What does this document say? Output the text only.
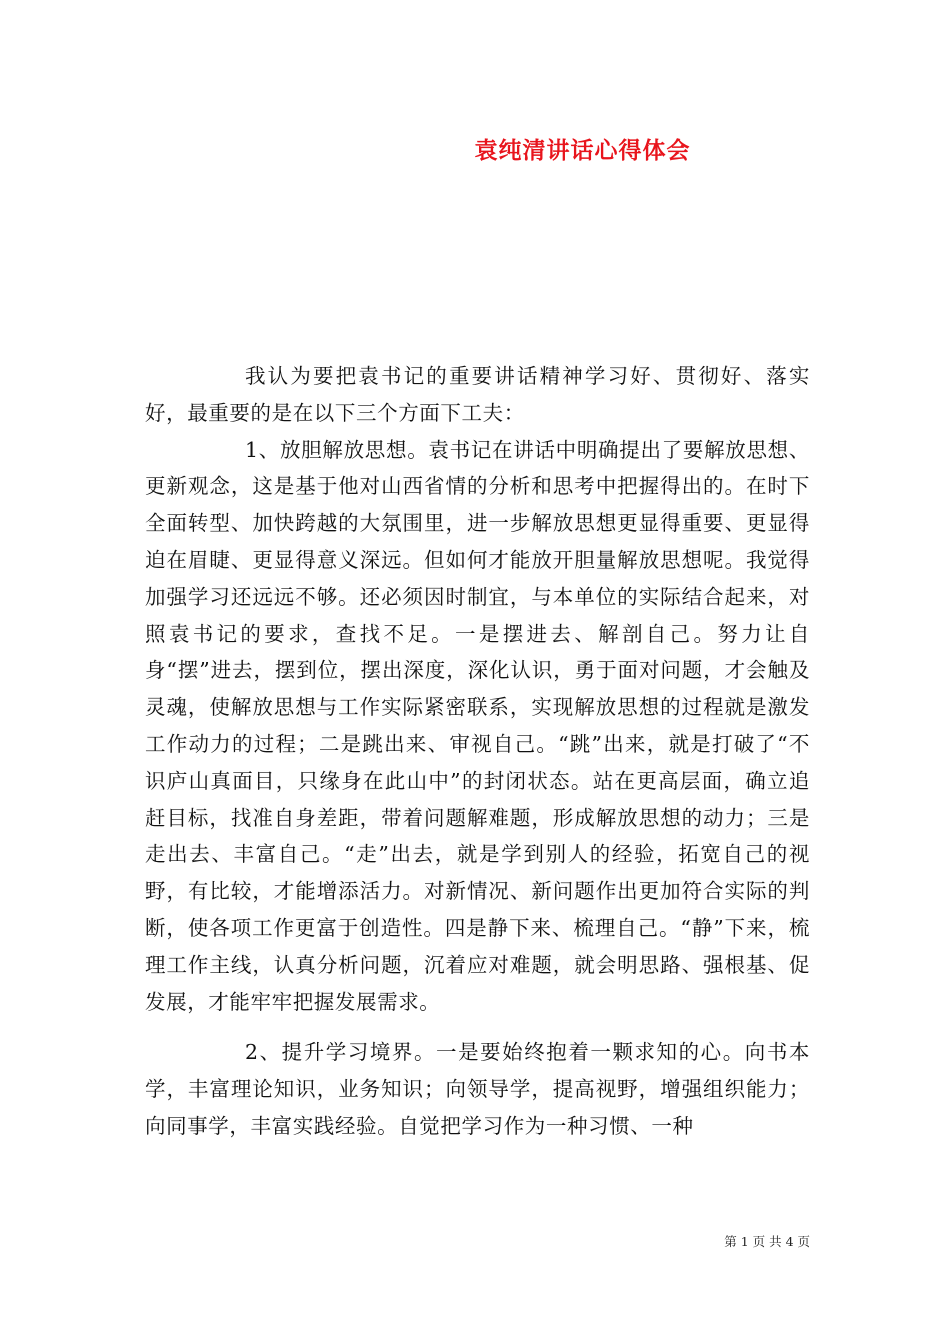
袁纯清讲话心得体会

我认为要把袁书记的重要讲话精神学习好、贯彻好、落实好，最重要的是在以下三个方面下工夫：

1、放胆解放思想。袁书记在讲话中明确提出了要解放思想、更新观念，这是基于他对山西省情的分析和思考中把握得出的。在时下全面转型、加快跨越的大氛围里，进一步解放思想更显得重要、更显得迫在眉睫、更显得意义深远。但如何才能放开胆量解放思想呢。我觉得加强学习还远远不够。还必须因时制宜，与本单位的实际结合起来，对照袁书记的要求，查找不足。一是摆进去、解剖自己。努力让自身“摆”进去，摆到位，摆出深度，深化认识，勇于面对问题，才会触及灵魂，使解放思想与工作实际紧密联系，实现解放思想的过程就是激发工作动力的过程；二是跳出来、审视自己。“跳”出来，就是打破了“不识庐山真面目，只缘身在此山中”的封闭状态。站在更高层面，确立追赶目标，找准自身差距，带着问题解难题，形成解放思想的动力；三是走出去、丰富自己。“走”出去，就是学到别人的经验，拓宽自己的视野，有比较，才能增添活力。对新情况、新问题作出更加符合实际的判断，使各项工作更富于创造性。四是静下来、梳理自己。“静”下来，梳理工作主线，认真分析问题，沉着应对难题，就会明思路、强根基、促发展，才能牢牢把握发展需求。

2、提升学习境界。一是要始终抱着一颗求知的心。向书本学，丰富理论知识，业务知识；向领导学，提高视野，增强组织能力；向同事学，丰富实践经验。自觉把学习作为一种习惯、一种

第 1 页 共 4 页
